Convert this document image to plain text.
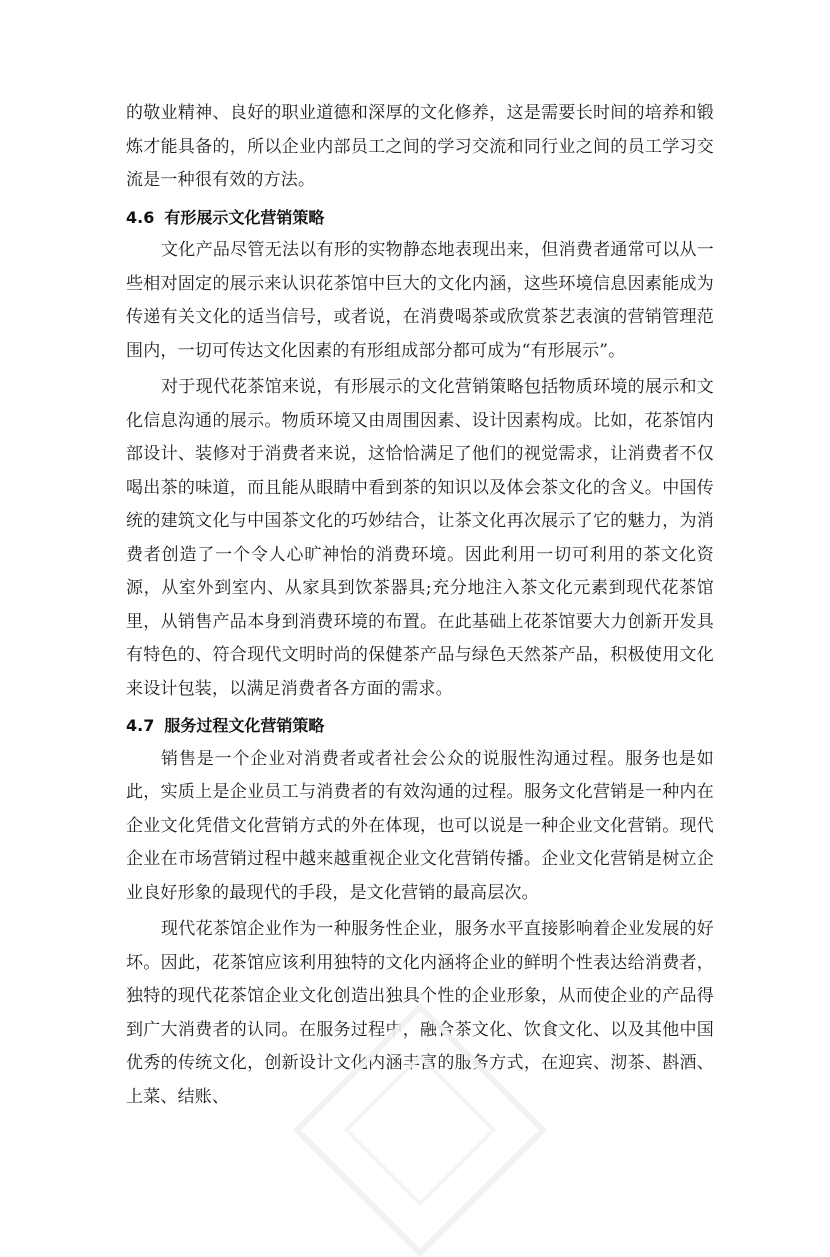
的敬业精神、良好的职业道德和深厚的文化修养，这是需要长时间的培养和锻炼才能具备的，所以企业内部员工之间的学习交流和同行业之间的员工学习交流是一种很有效的方法。

4.6 有形展示文化营销策略

文化产品尽管无法以有形的实物静态地表现出来，但消费者通常可以从一些相对固定的展示来认识花茶馆中巨大的文化内涵，这些环境信息因素能成为传递有关文化的适当信号，或者说，在消费喝茶或欣赏茶艺表演的营销管理范围内，一切可传达文化因素的有形组成部分都可成为“有形展示”。

对于现代花茶馆来说，有形展示的文化营销策略包括物质环境的展示和文化信息沟通的展示。物质环境又由周围因素、设计因素构成。比如，花茶馆内部设计、装修对于消费者来说，这恰恰满足了他们的视觉需求，让消费者不仅喝出茶的味道，而且能从眼睛中看到茶的知识以及体会茶文化的含义。中国传统的建筑文化与中国茶文化的巧妙结合，让茶文化再次展示了它的魅力，为消费者创造了一个令人心旷神怡的消费环境。因此利用一切可利用的茶文化资源，从室外到室内、从家具到饮茶器具;充分地注入茶文化元素到现代花茶馆里，从销售产品本身到消费环境的布置。在此基础上花茶馆要大力创新开发具有特色的、符合现代文明时尚的保健茶产品与绿色天然茶产品，积极使用文化来设计包装，以满足消费者各方面的需求。

4.7 服务过程文化营销策略

销售是一个企业对消费者或者社会公众的说服性沟通过程。服务也是如此，实质上是企业员工与消费者的有效沟通的过程。服务文化营销是一种内在企业文化凭借文化营销方式的外在体现，也可以说是一种企业文化营销。现代企业在市场营销过程中越来越重视企业文化营销传播。企业文化营销是树立企业良好形象的最现代的手段，是文化营销的最高层次。

现代花茶馆企业作为一种服务性企业，服务水平直接影响着企业发展的好坏。因此，花茶馆应该利用独特的文化内涵将企业的鲜明个性表达给消费者，独特的现代花茶馆企业文化创造出独具个性的企业形象，从而使企业的产品得到广大消费者的认同。在服务过程中，融合茶文化、饮食文化、以及其他中国优秀的传统文化，创新设计文化内涵丰富的服务方式，在迎宾、沏茶、斟酒、上菜、结账、
